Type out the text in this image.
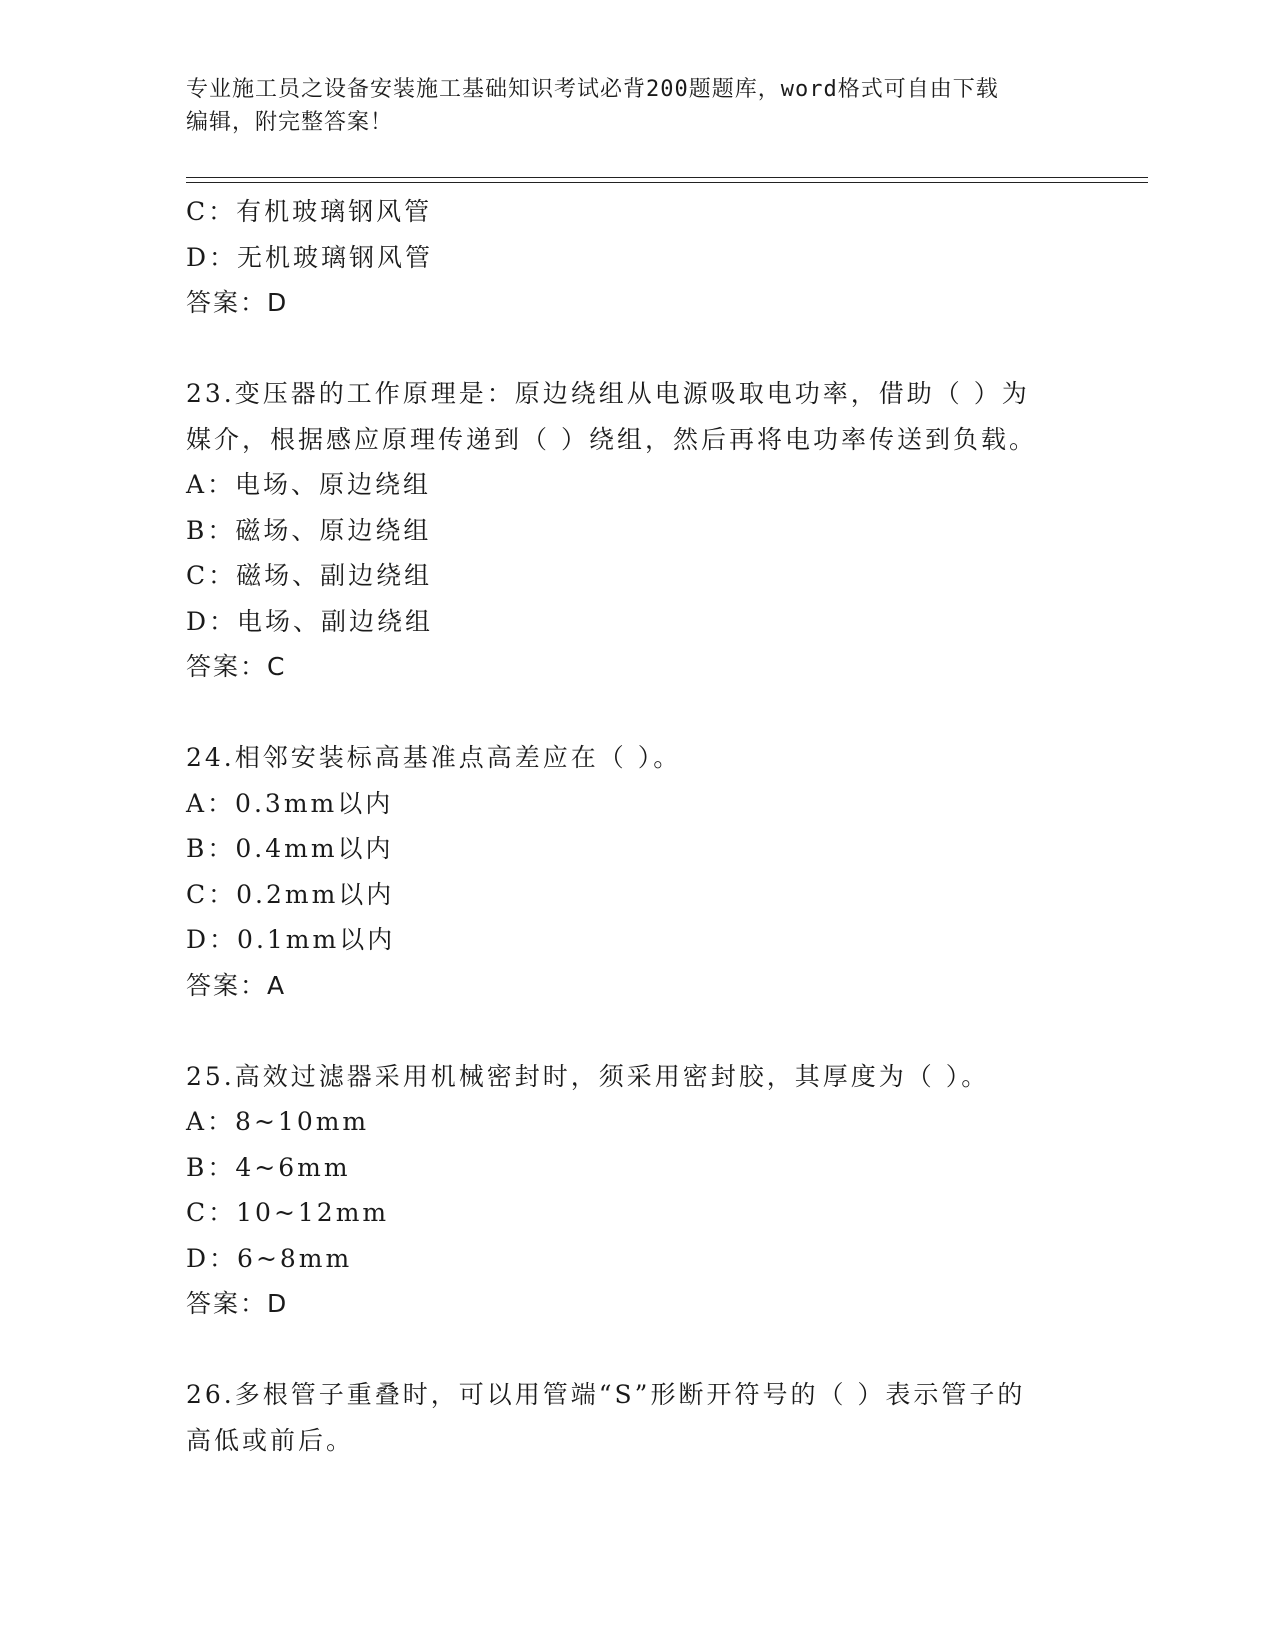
专业施工员之设备安装施工基础知识考试必背200题题库，word格式可自由下载
编辑，附完整答案！
C：有机玻璃钢风管
D：无机玻璃钢风管
答案：D
23.变压器的工作原理是：原边绕组从电源吸取电功率，借助（ ）为
媒介，根据感应原理传递到（ ）绕组，然后再将电功率传送到负载。
A：电场、原边绕组
B：磁场、原边绕组
C：磁场、副边绕组
D：电场、副边绕组
答案：C
24.相邻安装标高基准点高差应在（ ）。
A：0.3mm以内
B：0.4mm以内
C：0.2mm以内
D：0.1mm以内
答案：A
25.高效过滤器采用机械密封时，须采用密封胶，其厚度为（ ）。
A：8~10mm
B：4~6mm
C：10~12mm
D：6~8mm
答案：D
26.多根管子重叠时，可以用管端“S”形断开符号的（ ）表示管子的
高低或前后。
